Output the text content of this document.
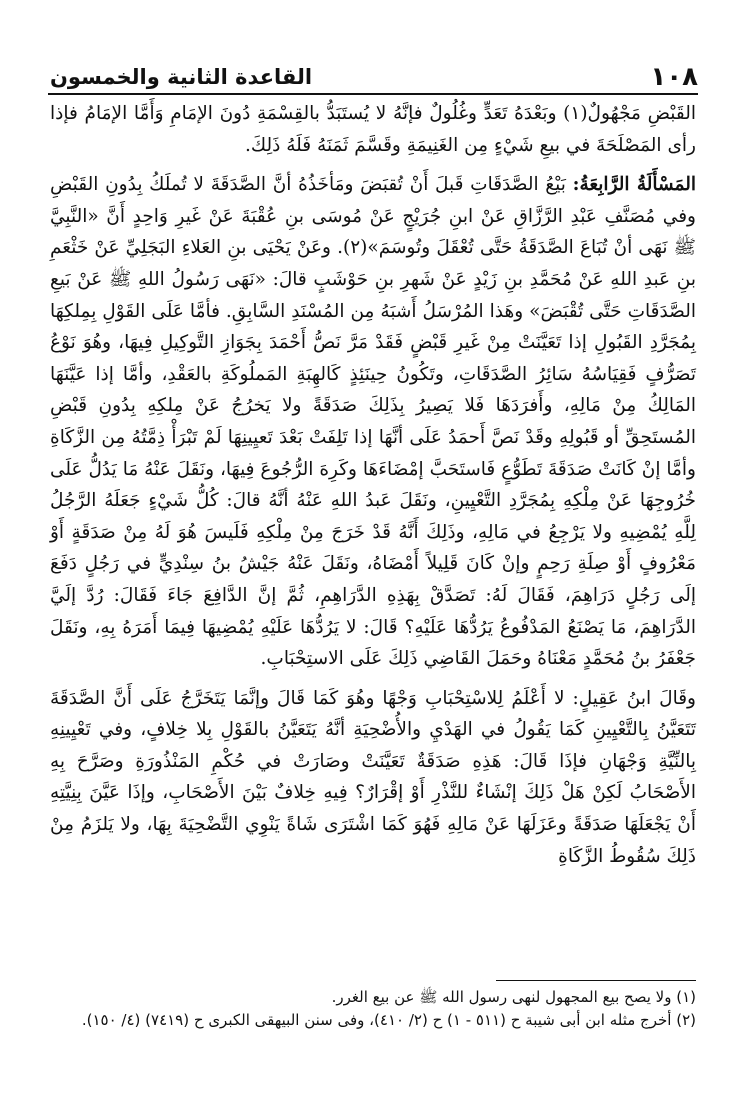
١٠٨
القاعدة الثانية والخمسون

القَبْضِ مَجْهُولٌ(١) وبَعْدَهُ تَعَدٍّ وغُلُولٌ فإنَّهُ لا يُستَبَدُّ بالقِسْمَةِ دُونَ الإمَامِ وَأَمَّا الإمَامُ فإذا رأى المَصْلَحَةَ في بيعِ شَيْءٍ مِن الغَنِيمَةِ وقَسَّمَ ثَمَنَهُ فَلَهُ ذَلِكَ.

المَسْأَلَةُ الرَّابِعَةُ: بَيْعُ الصَّدَقَاتِ قَبلَ أَنْ تُقبَضَ ومَأخَذُهُ أنَّ الصَّدَقَةَ لا تُملَكُ بِدُونِ القَبْضِ وفي مُصَنَّفِ عَبْدِ الرَّزَّاقِ عَنْ ابنِ جُرَيْجٍ عَنْ مُوسَى بنِ عُقْبَةَ عَنْ غَيرِ وَاحِدٍ أَنَّ «النَّبِيَّ ﷺ نَهَى أنْ تُبَاعَ الصَّدَقَةُ حَتَّى تُعْقَلَ وتُوسَمَ»(٢). وعَنْ يَحْيَى بنِ العَلاءِ البَجَلِيِّ عَنْ خَثْعَمِ بنِ عَبدِ اللهِ عَنْ مُحَمَّدِ بنِ زَيْدٍ عَنْ شَهرِ بنِ حَوْشَبٍ قالَ: «نَهَى رَسُولُ اللهِ ﷺ عَنْ بَيعِ الصَّدَقَاتِ حَتَّى تُقْبَضَ» وهَذا المُرْسَلُ أَشبَهُ مِن المُسْنَدِ السَّابِقِ. فأمَّا عَلَى القَوْلِ بِمِلكِهَا بِمُجَرَّدِ القَبُولِ إذا تَعَيَّنَتْ مِنْ غَيرِ قَبْضٍ فَقَدْ مَرَّ نَصُّ أَحْمَدَ بِجَوَازِ التَّوكِيلِ فِيهَا، وهُوَ نَوْعُ تَصَرُّفٍ فَقِيَاسُهُ سَائِرُ الصَّدَقَاتِ، وتَكُونُ حِينَئِذٍ كَالهِبَةِ المَملُوكَةِ بالعَقْدِ، وأمَّا إذا عَيَّنَهَا المَالِكُ مِنْ مَالِهِ، وأَفرَدَهَا فَلا يَصِيرُ بِذَلِكَ صَدَقَةً ولا يَخرُجُ عَنْ مِلكِهِ بِدُونِ قَبْضِ المُستَحِقِّ أو قَبُولِهِ وقَدْ نَصَّ أَحمَدُ عَلَى أنَّهَا إذا تَلِفَتْ بَعْدَ تَعيِينِهَا لَمْ تَبْرَأْ ذِمَّتُهُ مِن الزَّكَاةِ وأمَّا إنْ كَانَتْ صَدَقَةَ تَطَوُّعٍ فَاستَحَبَّ إمْضَاءَهَا وكَرِهَ الرُّجُوعَ فِيهَا، ونَقَلَ عَنْهُ مَا يَدُلُّ عَلَى خُرُوجِهَا عَنْ مِلْكِهِ بِمُجَرَّدِ التَّعْيِينِ، ونَقَلَ عَبدُ اللهِ عَنْهُ أنَّهُ قالَ: كُلُّ شَيْءٍ جَعَلَهُ الرَّجُلُ لِلَّهِ يُمْضِيهِ ولا يَرْجِعُ في مَالِهِ، وذَلِكَ أَنَّهُ قَدْ خَرَجَ مِنْ مِلْكِهِ فَلَيسَ هُوَ لَهُ مِنْ صَدَقَةٍ أَوْ مَعْرُوفٍ أَوْ صِلَةِ رَحِمٍ وإنْ كَانَ قَلِيلاً أَمْضَاهُ، ونَقَلَ عَنْهُ جَيْشُ بنُ سِنْدِيٍّ في رَجُلٍ دَفَعَ إلَى رَجُلٍ دَرَاهِمَ، فَقَالَ لَهُ: تَصَدَّقْ بِهَذِهِ الدَّرَاهِمِ، ثُمَّ إنَّ الدَّافِعَ جَاءَ فَقَالَ: رُدَّ إلَيَّ الدَّرَاهِمَ، مَا يَصْنَعُ المَدْفُوعُ يَرُدُّهَا عَلَيْهِ؟ قَالَ: لا يَرُدُّهَا عَلَيْهِ يُمْضِيهَا فِيمَا أَمَرَهُ بِهِ، ونَقَلَ جَعْفَرُ بنُ مُحَمَّدٍ مَعْنَاهُ وحَمَلَ القَاضِي ذَلِكَ عَلَى الاستِحْبَابِ.

وقَالَ ابنُ عَقِيلٍ: لا أَعْلَمُ لِلاسْتِحْبَابِ وَجْهًا وهُوَ كَمَا قَالَ وإنَّمَا يَتَخَرَّجُ عَلَى أَنَّ الصَّدَقَةَ تَتَعَيَّنُ بِالتَّعْيِينِ كَمَا يَقُولُ في الهَدْيِ والأُضْحِيَةِ أنَّهُ يَتَعَيَّنُ بالقَوْلِ بِلا خِلافٍ، وفي تَعْيِينِهِ بِالنِّيَّةِ وَجْهَانِ فإذَا قَالَ: هَذِهِ صَدَقَةٌ تَعَيَّنَتْ وصَارَتْ في حُكْمِ المَنْذُورَةِ وصَرَّحَ بِهِ الأَصْحَابُ لَكِنْ هَلْ ذَلِكَ إنْشَاءٌ للنَّذْرِ أَوْ إقْرَارٌ؟ فِيهِ خِلافٌ بَيْنَ الأَصْحَابِ، وإذَا عَيَّنَ بِنِيَّتِهِ أَنْ يَجْعَلَهَا صَدَقَةً وعَزَلَهَا عَنْ مَالِهِ فَهُوَ كَمَا اشْتَرَى شَاةً يَنْوِي التَّضْحِيَةَ بِهَا، ولا يَلزَمُ مِنْ ذَلِكَ سُقُوطُ الزَّكَاةِ

(١) ولا يصح بيع المجهول لنهى رسول الله ﷺ عن بيع الغرر.

(٢) أخرج مثله ابن أبى شيبة ح (٥١١ - ١) ح (٢/ ٤١٠)، وفى سنن البيهقى الكبرى ح (٧٤١٩) (٤/ ١٥٠).
